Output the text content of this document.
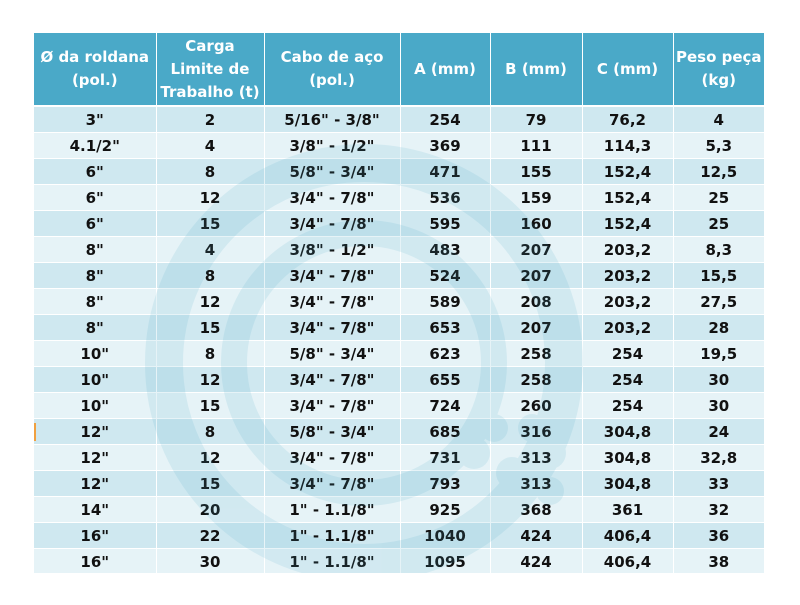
Ø da roldana (pol.)	Carga Limite de Trabalho (t)	Cabo de aço (pol.)	A (mm)	B (mm)	C (mm)	Peso peça (kg)
3"	2	5/16" - 3/8"	254	79	76,2	4
4.1/2"	4	3/8" - 1/2"	369	111	114,3	5,3
6"	8	5/8" - 3/4"	471	155	152,4	12,5
6"	12	3/4" - 7/8"	536	159	152,4	25
6"	15	3/4" - 7/8"	595	160	152,4	25
8"	4	3/8" - 1/2"	483	207	203,2	8,3
8"	8	3/4" - 7/8"	524	207	203,2	15,5
8"	12	3/4" - 7/8"	589	208	203,2	27,5
8"	15	3/4" - 7/8"	653	207	203,2	28
10"	8	5/8" - 3/4"	623	258	254	19,5
10"	12	3/4" - 7/8"	655	258	254	30
10"	15	3/4" - 7/8"	724	260	254	30
12"	8	5/8" - 3/4"	685	316	304,8	24
12"	12	3/4" - 7/8"	731	313	304,8	32,8
12"	15	3/4" - 7/8"	793	313	304,8	33
14"	20	1" - 1.1/8"	925	368	361	32
16"	22	1" - 1.1/8"	1040	424	406,4	36
16"	30	1" - 1.1/8"	1095	424	406,4	38
